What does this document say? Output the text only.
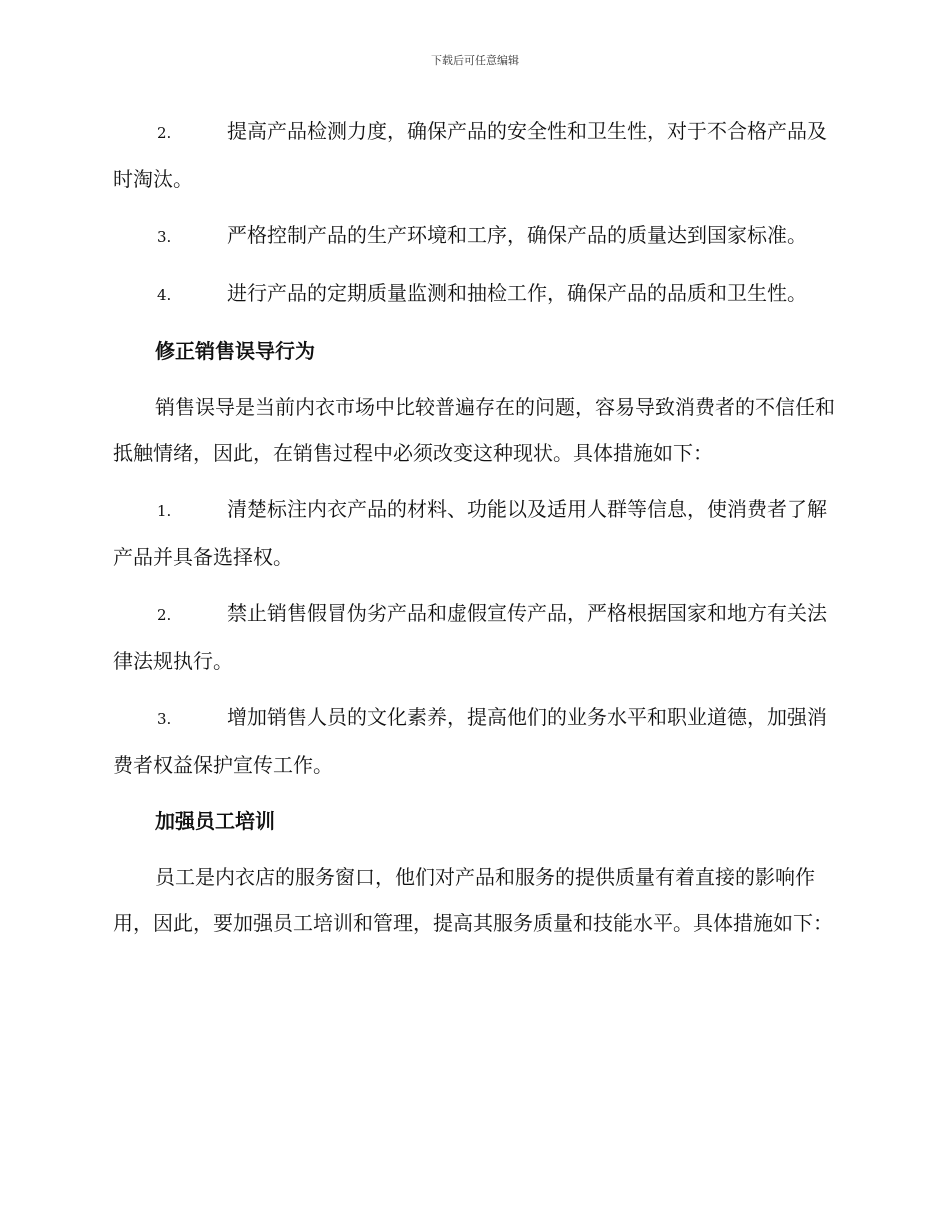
下载后可任意编辑
2.	提高产品检测力度，确保产品的安全性和卫生性，对于不合格产品及时淘汰。
3.	严格控制产品的生产环境和工序，确保产品的质量达到国家标准。
4.	进行产品的定期质量监测和抽检工作，确保产品的品质和卫生性。
修正销售误导行为
销售误导是当前内衣市场中比较普遍存在的问题，容易导致消费者的不信任和抵触情绪，因此，在销售过程中必须改变这种现状。具体措施如下：
1.	清楚标注内衣产品的材料、功能以及适用人群等信息，使消费者了解产品并具备选择权。
2.	禁止销售假冒伪劣产品和虚假宣传产品，严格根据国家和地方有关法律法规执行。
3.	增加销售人员的文化素养，提高他们的业务水平和职业道德，加强消费者权益保护宣传工作。
加强员工培训
员工是内衣店的服务窗口，他们对产品和服务的提供质量有着直接的影响作用，因此，要加强员工培训和管理，提高其服务质量和技能水平。具体措施如下：
